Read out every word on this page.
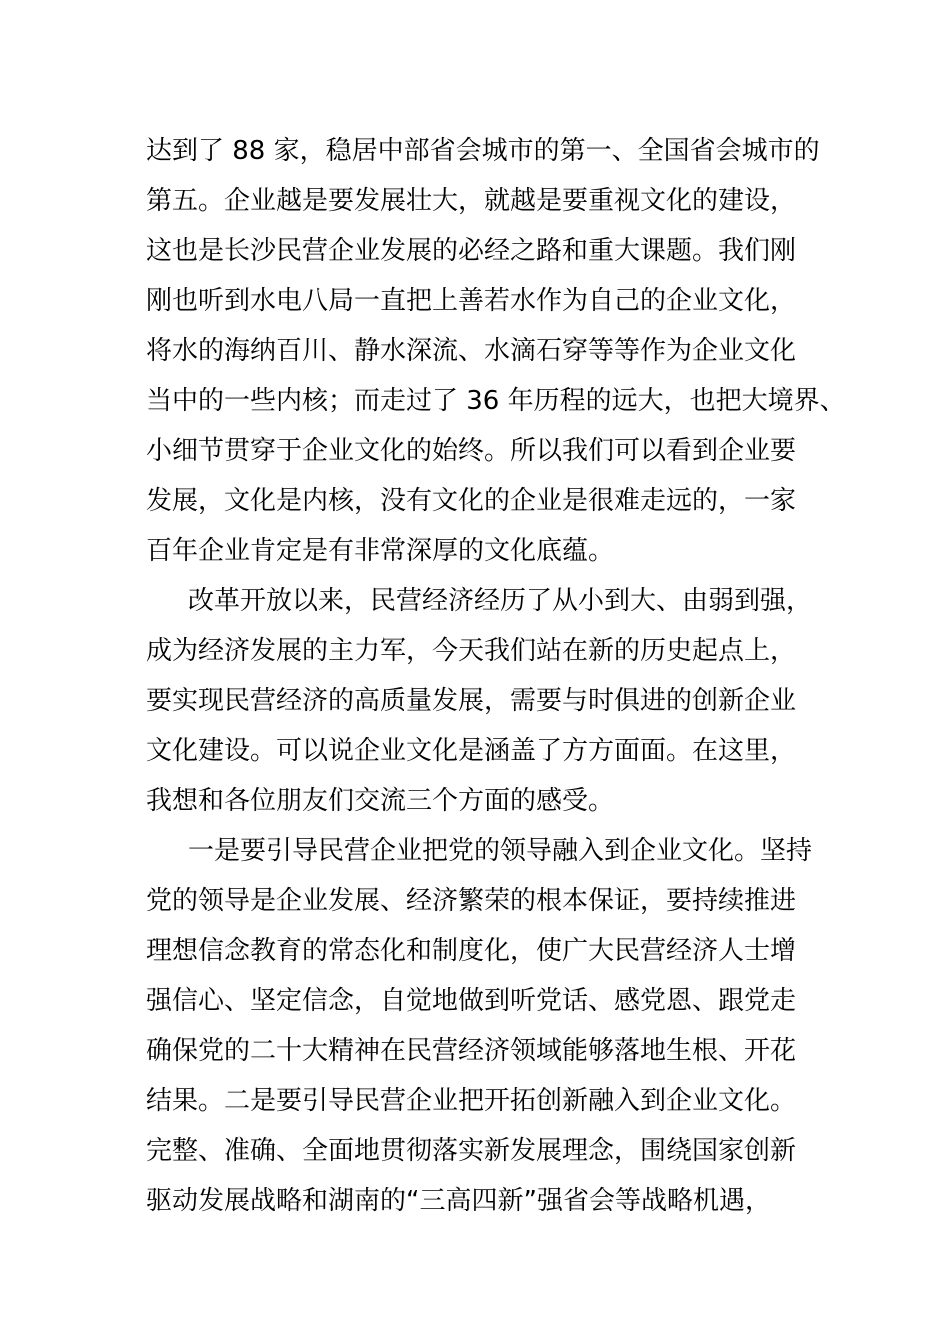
达到了 88 家，稳居中部省会城市的第一、全国省会城市的
第五。企业越是要发展壮大，就越是要重视文化的建设，
这也是长沙民营企业发展的必经之路和重大课题。我们刚
刚也听到水电八局一直把上善若水作为自己的企业文化，
将水的海纳百川、静水深流、水滴石穿等等作为企业文化
当中的一些内核；而走过了 36 年历程的远大，也把大境界、
小细节贯穿于企业文化的始终。所以我们可以看到企业要
发展，文化是内核，没有文化的企业是很难走远的，一家
百年企业肯定是有非常深厚的文化底蕴。
改革开放以来，民营经济经历了从小到大、由弱到强，
成为经济发展的主力军，今天我们站在新的历史起点上，
要实现民营经济的高质量发展，需要与时俱进的创新企业
文化建设。可以说企业文化是涵盖了方方面面。在这里，
我想和各位朋友们交流三个方面的感受。
一是要引导民营企业把党的领导融入到企业文化。坚持
党的领导是企业发展、经济繁荣的根本保证，要持续推进
理想信念教育的常态化和制度化，使广大民营经济人士增
强信心、坚定信念，自觉地做到听党话、感党恩、跟党走
确保党的二十大精神在民营经济领域能够落地生根、开花
结果。二是要引导民营企业把开拓创新融入到企业文化。
完整、准确、全面地贯彻落实新发展理念，围绕国家创新
驱动发展战略和湖南的“三高四新”强省会等战略机遇，
